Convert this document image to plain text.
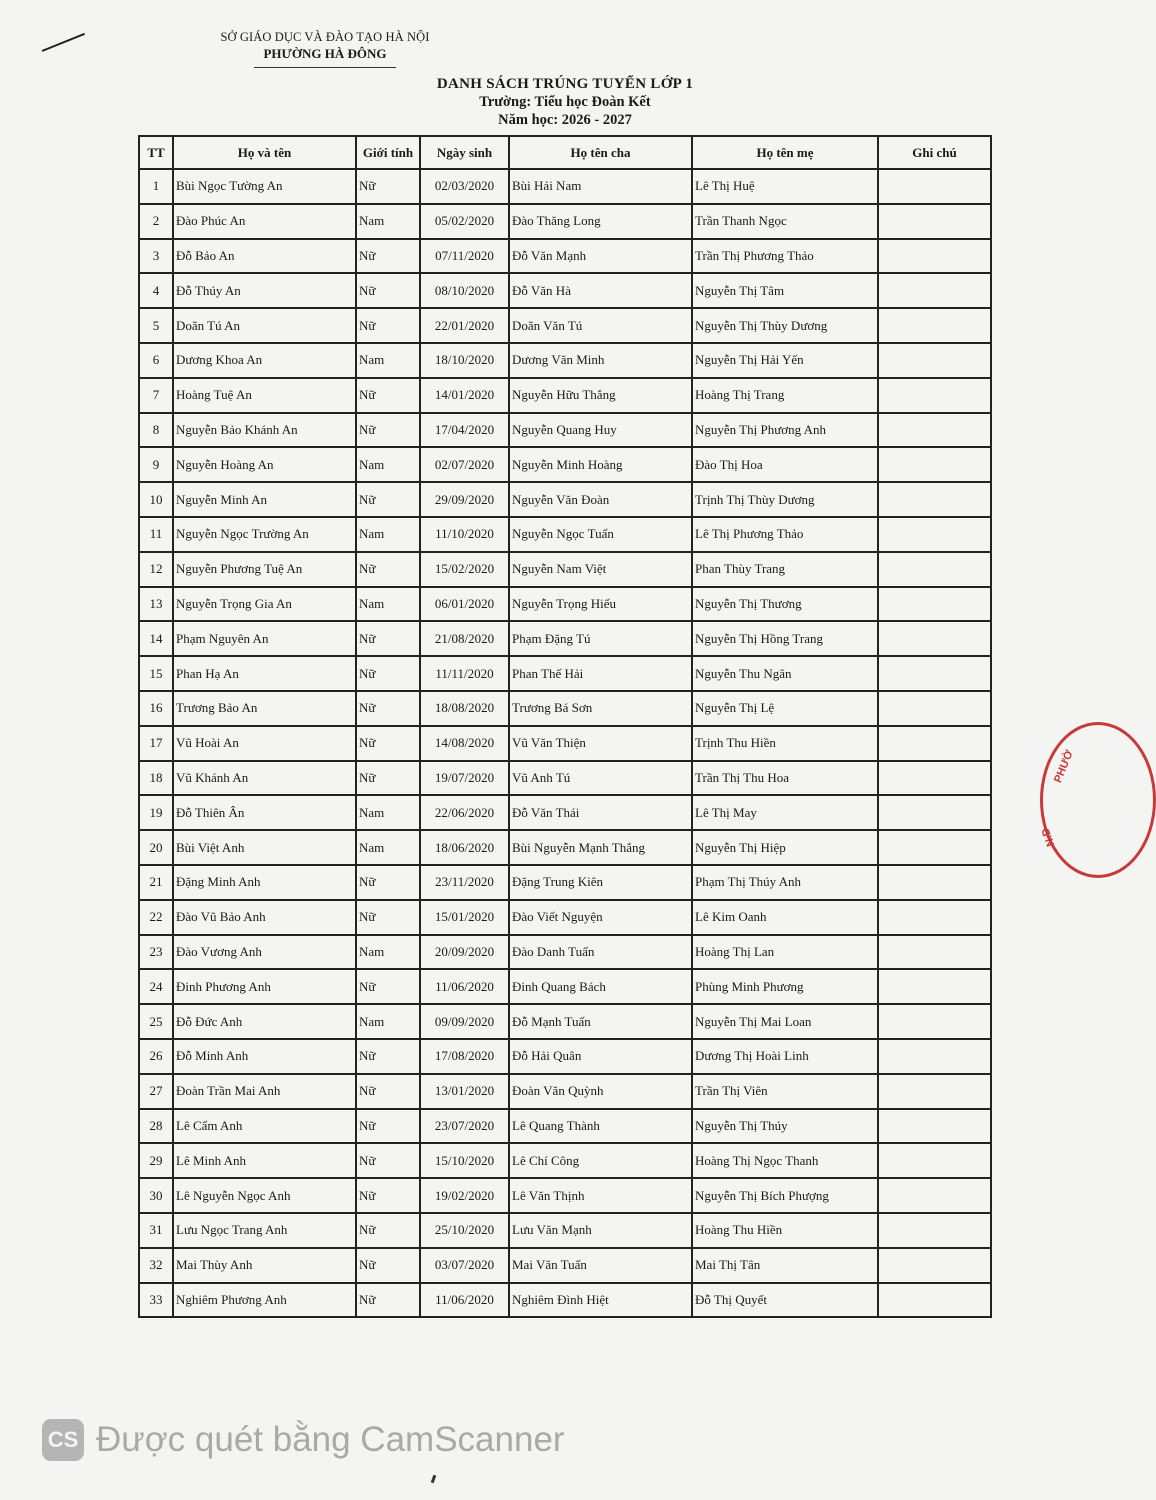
SỞ GIÁO DỤC VÀ ĐÀO TẠO HÀ NỘI
PHƯỜNG HÀ ĐÔNG
DANH SÁCH TRÚNG TUYỂN LỚP 1
Trường: Tiểu học Đoàn Kết
Năm học: 2026 - 2027
TT	Họ và tên	Giới tính	Ngày sinh	Họ tên cha	Họ tên mẹ	Ghi chú
1	Bùi Ngọc Tường An	Nữ	02/03/2020	Bùi Hải Nam	Lê Thị Huệ	
2	Đào Phúc An	Nam	05/02/2020	Đào Thăng Long	Trần Thanh Ngọc	
3	Đỗ Bảo An	Nữ	07/11/2020	Đỗ Văn Mạnh	Trần Thị Phương Thảo	
4	Đỗ Thúy An	Nữ	08/10/2020	Đỗ Văn Hà	Nguyễn Thị Tâm	
5	Doãn Tú An	Nữ	22/01/2020	Doãn Văn Tú	Nguyễn Thị Thùy Dương	
6	Dương Khoa An	Nam	18/10/2020	Dương Văn Minh	Nguyễn Thị Hải Yến	
7	Hoàng Tuệ An	Nữ	14/01/2020	Nguyễn Hữu Thắng	Hoàng Thị Trang	
8	Nguyễn Bảo Khánh An	Nữ	17/04/2020	Nguyễn Quang Huy	Nguyễn Thị Phương Anh	
9	Nguyễn Hoàng An	Nam	02/07/2020	Nguyễn Minh Hoàng	Đào Thị Hoa	
10	Nguyễn Minh An	Nữ	29/09/2020	Nguyễn Văn Đoàn	Trịnh Thị Thùy Dương	
11	Nguyễn Ngọc Trường An	Nam	11/10/2020	Nguyễn Ngọc Tuấn	Lê Thị Phương Thảo	
12	Nguyễn Phương Tuệ An	Nữ	15/02/2020	Nguyễn Nam Việt	Phan Thùy Trang	
13	Nguyễn Trọng Gia An	Nam	06/01/2020	Nguyễn Trọng Hiếu	Nguyễn Thị Thương	
14	Phạm Nguyên An	Nữ	21/08/2020	Phạm Đặng Tú	Nguyễn Thị Hồng Trang	
15	Phan Hạ An	Nữ	11/11/2020	Phan Thế Hải	Nguyễn Thu Ngân	
16	Trương Bảo An	Nữ	18/08/2020	Trương Bá Sơn	Nguyễn Thị Lệ	
17	Vũ Hoài An	Nữ	14/08/2020	Vũ Văn Thiện	Trịnh Thu Hiền	
18	Vũ Khánh An	Nữ	19/07/2020	Vũ Anh Tú	Trần Thị Thu Hoa	
19	Đỗ Thiên Ân	Nam	22/06/2020	Đỗ Văn Thái	Lê Thị May	
20	Bùi Việt Anh	Nam	18/06/2020	Bùi Nguyễn Mạnh Thắng	Nguyễn Thị Hiệp	
21	Đặng Minh Anh	Nữ	23/11/2020	Đặng Trung Kiên	Phạm Thị Thúy Anh	
22	Đào Vũ Bảo Anh	Nữ	15/01/2020	Đào Viết Nguyện	Lê Kim Oanh	
23	Đào Vương Anh	Nam	20/09/2020	Đào Danh Tuấn	Hoàng Thị Lan	
24	Đinh Phương Anh	Nữ	11/06/2020	Đinh Quang Bách	Phùng Minh Phương	
25	Đỗ Đức Anh	Nam	09/09/2020	Đỗ Mạnh Tuấn	Nguyễn Thị Mai Loan	
26	Đỗ Minh Anh	Nữ	17/08/2020	Đỗ Hải Quân	Dương Thị Hoài Linh	
27	Đoàn Trần Mai Anh	Nữ	13/01/2020	Đoàn Văn Quỳnh	Trần Thị Viên	
28	Lê Cẩm Anh	Nữ	23/07/2020	Lê Quang Thành	Nguyễn Thị Thúy	
29	Lê Minh Anh	Nữ	15/10/2020	Lê Chí Công	Hoàng Thị Ngọc Thanh	
30	Lê Nguyễn Ngọc Anh	Nữ	19/02/2020	Lê Văn Thịnh	Nguyễn Thị Bích Phượng	
31	Lưu Ngọc Trang Anh	Nữ	25/10/2020	Lưu Văn Mạnh	Hoàng Thu Hiền	
32	Mai Thùy Anh	Nữ	03/07/2020	Mai Văn Tuấn	Mai Thị Tân	
33	Nghiêm Phương Anh	Nữ	11/06/2020	Nghiêm Đình Hiệt	Đỗ Thị Quyết	
PHƯỜ
N.D
CS Được quét bằng CamScanner
